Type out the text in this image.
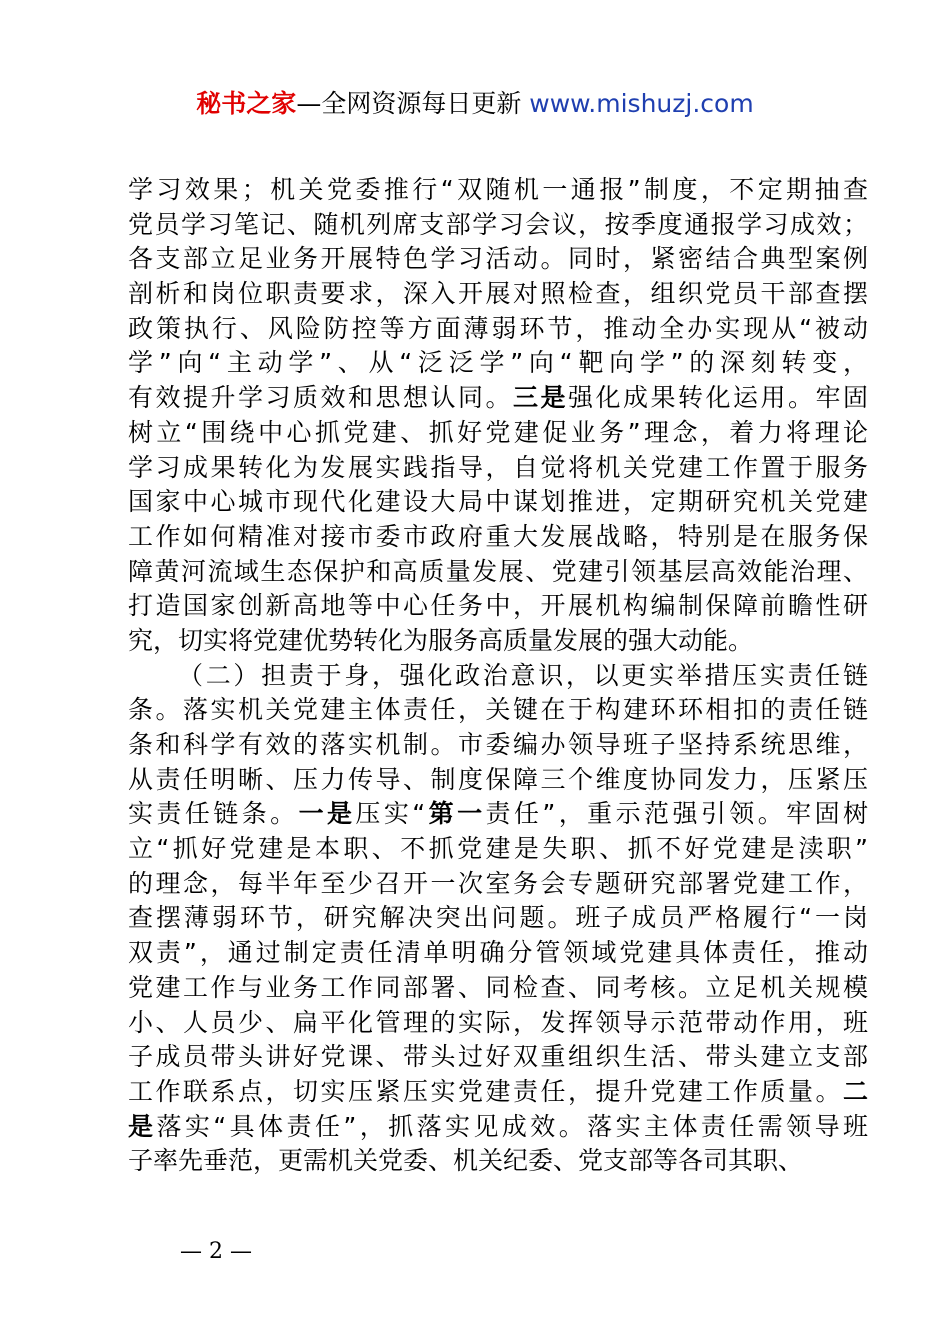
秘书之家—全网资源每日更新 www.mishuzj.com
学习效果；机关党委推行“双随机一通报”制度，不定期抽查
党员学习笔记、随机列席支部学习会议，按季度通报学习成效；
各支部立足业务开展特色学习活动。同时，紧密结合典型案例
剖析和岗位职责要求，深入开展对照检查，组织党员干部查摆
政策执行、风险防控等方面薄弱环节，推动全办实现从“被动
学”向“主动学”、从“泛泛学”向“靶向学”的深刻转变，
有效提升学习质效和思想认同。三是强化成果转化运用。牢固
树立“围绕中心抓党建、抓好党建促业务”理念，着力将理论
学习成果转化为发展实践指导，自觉将机关党建工作置于服务
国家中心城市现代化建设大局中谋划推进，定期研究机关党建
工作如何精准对接市委市政府重大发展战略，特别是在服务保
障黄河流域生态保护和高质量发展、党建引领基层高效能治理、
打造国家创新高地等中心任务中，开展机构编制保障前瞻性研
究，切实将党建优势转化为服务高质量发展的强大动能。
（二）担责于身，强化政治意识，以更实举措压实责任链
条。落实机关党建主体责任，关键在于构建环环相扣的责任链
条和科学有效的落实机制。市委编办领导班子坚持系统思维，
从责任明晰、压力传导、制度保障三个维度协同发力，压紧压
实责任链条。一是压实“第一责任”，重示范强引领。牢固树
立“抓好党建是本职、不抓党建是失职、抓不好党建是渎职”
的理念，每半年至少召开一次室务会专题研究部署党建工作，
查摆薄弱环节，研究解决突出问题。班子成员严格履行“一岗
双责”，通过制定责任清单明确分管领域党建具体责任，推动
党建工作与业务工作同部署、同检查、同考核。立足机关规模
小、人员少、扁平化管理的实际，发挥领导示范带动作用，班
子成员带头讲好党课、带头过好双重组织生活、带头建立支部
工作联系点，切实压紧压实党建责任，提升党建工作质量。二
是落实“具体责任”，抓落实见成效。落实主体责任需领导班
子率先垂范，更需机关党委、机关纪委、党支部等各司其职、
— 2 —
